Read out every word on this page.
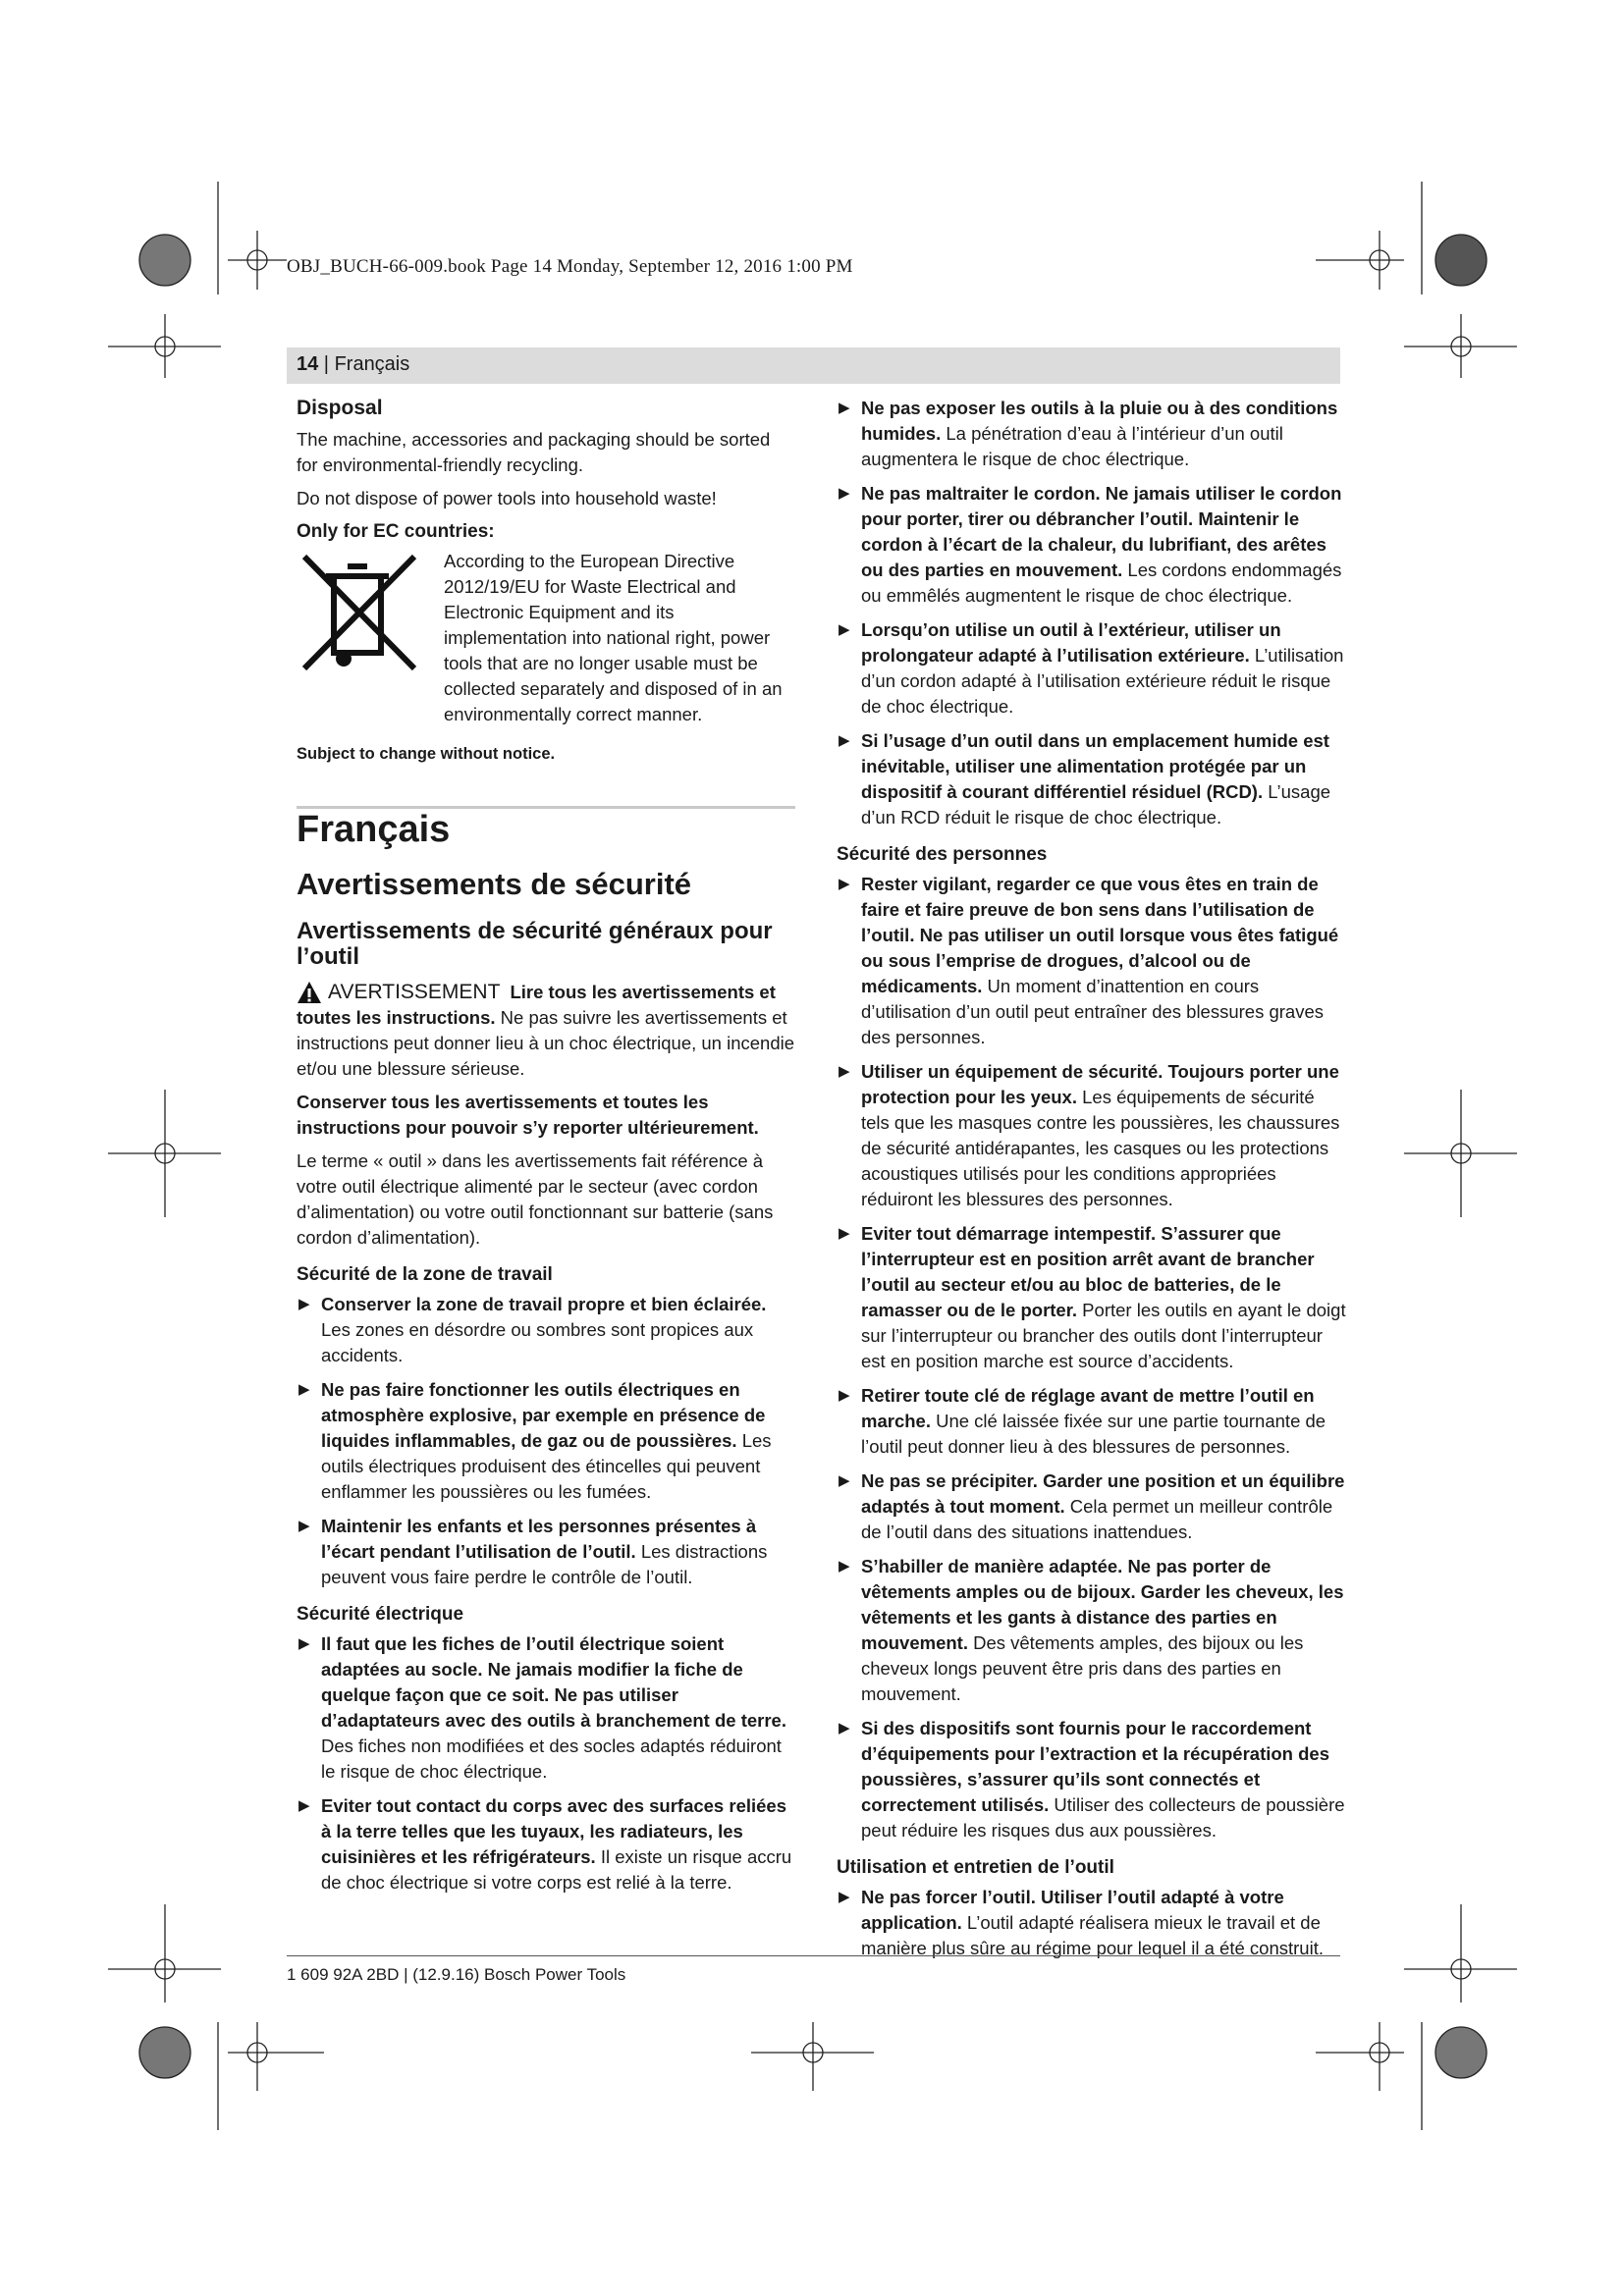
OBJ_BUCH-66-009.book Page 14 Monday, September 12, 2016 1:00 PM
14 | Français
Disposal

The machine, accessories and packaging should be sorted for environmental-friendly recycling.

Do not dispose of power tools into household waste!

Only for EC countries:
According to the European Directive 2012/19/EU for Waste Electrical and Electronic Equipment and its implementation into national right, power tools that are no longer usable must be collected separately and disposed of in an environmentally correct manner.
Subject to change without notice.
Français
Avertissements de sécurité
Avertissements de sécurité généraux pour l’outil

AVERTISSEMENT Lire tous les avertissements et toutes les instructions. Ne pas suivre les avertissements et instructions peut donner lieu à un choc électrique, un incendie et/ou une blessure sérieuse.

Conserver tous les avertissements et toutes les instructions pour pouvoir s’y reporter ultérieurement.

Le terme « outil » dans les avertissements fait référence à votre outil électrique alimenté par le secteur (avec cordon d’alimentation) ou votre outil fonctionnant sur batterie (sans cordon d’alimentation).

Sécurité de la zone de travail
▶ Conserver la zone de travail propre et bien éclairée. Les zones en désordre ou sombres sont propices aux accidents.
▶ Ne pas faire fonctionner les outils électriques en atmosphère explosive, par exemple en présence de liquides inflammables, de gaz ou de poussières. Les outils électriques produisent des étincelles qui peuvent enflammer les poussières ou les fumées.
▶ Maintenir les enfants et les personnes présentes à l’écart pendant l’utilisation de l’outil. Les distractions peuvent vous faire perdre le contrôle de l’outil.
Sécurité électrique
▶ Il faut que les fiches de l’outil électrique soient adaptées au socle. Ne jamais modifier la fiche de quelque façon que ce soit. Ne pas utiliser d’adaptateurs avec des outils à branchement de terre. Des fiches non modifiées et des socles adaptés réduiront le risque de choc électrique.
▶ Eviter tout contact du corps avec des surfaces reliées à la terre telles que les tuyaux, les radiateurs, les cuisinières et les réfrigérateurs. Il existe un risque accru de choc électrique si votre corps est relié à la terre.
▶ Ne pas exposer les outils à la pluie ou à des conditions humides. La pénétration d’eau à l’intérieur d’un outil augmentera le risque de choc électrique.
▶ Ne pas maltraiter le cordon. Ne jamais utiliser le cordon pour porter, tirer ou débrancher l’outil. Maintenir le cordon à l’écart de la chaleur, du lubrifiant, des arêtes ou des parties en mouvement. Les cordons endommagés ou emmêlés augmentent le risque de choc électrique.
▶ Lorsqu’on utilise un outil à l’extérieur, utiliser un prolongateur adapté à l’utilisation extérieure. L’utilisation d’un cordon adapté à l’utilisation extérieure réduit le risque de choc électrique.
▶ Si l’usage d’un outil dans un emplacement humide est inévitable, utiliser une alimentation protégée par un dispositif à courant différentiel résiduel (RCD). L’usage d’un RCD réduit le risque de choc électrique.
Sécurité des personnes
▶ Rester vigilant, regarder ce que vous êtes en train de faire et faire preuve de bon sens dans l’utilisation de l’outil. Ne pas utiliser un outil lorsque vous êtes fatigué ou sous l’emprise de drogues, d’alcool ou de médicaments. Un moment d’inattention en cours d’utilisation d’un outil peut entraîner des blessures graves des personnes.
▶ Utiliser un équipement de sécurité. Toujours porter une protection pour les yeux. Les équipements de sécurité tels que les masques contre les poussières, les chaussures de sécurité antidérapantes, les casques ou les protections acoustiques utilisés pour les conditions appropriées réduiront les blessures des personnes.
▶ Eviter tout démarrage intempestif. S’assurer que l’interrupteur est en position arrêt avant de brancher l’outil au secteur et/ou au bloc de batteries, de le ramasser ou de le porter. Porter les outils en ayant le doigt sur l’interrupteur ou brancher des outils dont l’interrupteur est en position marche est source d’accidents.
▶ Retirer toute clé de réglage avant de mettre l’outil en marche. Une clé laissée fixée sur une partie tournante de l’outil peut donner lieu à des blessures de personnes.
▶ Ne pas se précipiter. Garder une position et un équilibre adaptés à tout moment. Cela permet un meilleur contrôle de l’outil dans des situations inattendues.
▶ S’habiller de manière adaptée. Ne pas porter de vêtements amples ou de bijoux. Garder les cheveux, les vêtements et les gants à distance des parties en mouvement. Des vêtements amples, des bijoux ou les cheveux longs peuvent être pris dans des parties en mouvement.
▶ Si des dispositifs sont fournis pour le raccordement d’équipements pour l’extraction et la récupération des poussières, s’assurer qu’ils sont connectés et correctement utilisés. Utiliser des collecteurs de poussière peut réduire les risques dus aux poussières.
Utilisation et entretien de l’outil
▶ Ne pas forcer l’outil. Utiliser l’outil adapté à votre application. L’outil adapté réalisera mieux le travail et de manière plus sûre au régime pour lequel il a été construit.
1 609 92A 2BD | (12.9.16) Bosch Power Tools
